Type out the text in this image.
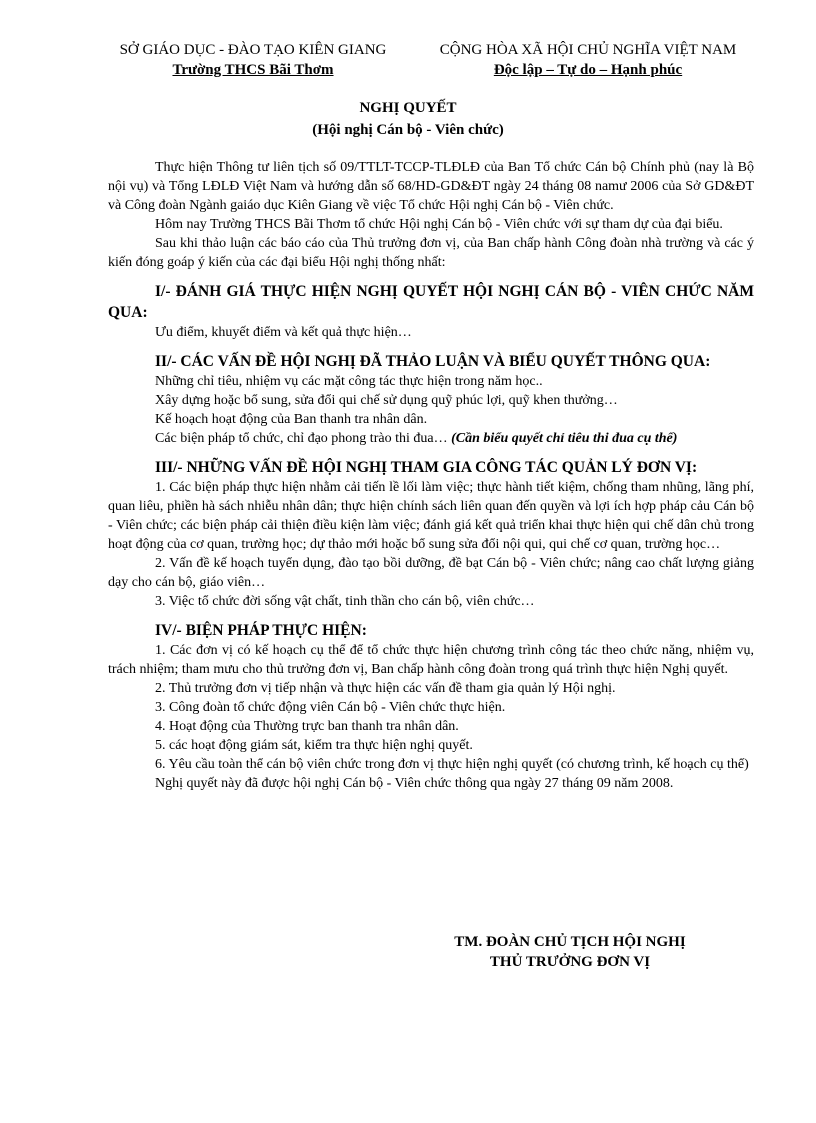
SỞ GIÁO DỤC - ĐÀO TẠO KIÊN GIANG
Trường THCS Bãi Thơm
CỘNG HÒA XÃ HỘI CHỦ NGHĨA VIỆT NAM
Độc lập – Tự do – Hạnh phúc
NGHỊ QUYẾT
(Hội nghị Cán bộ - Viên chức)

Thực hiện Thông tư liên tịch số 09/TTLT-TCCP-TLĐLĐ của Ban Tổ chức Cán bộ Chính phủ (nay là Bộ nội vụ) và Tổng LĐLĐ Việt Nam và hướng dẫn số 68/HD-GD&ĐT ngày 24 tháng 08 namư 2006 của Sở GD&ĐT và Công đoàn Ngành gaiáo dục Kiên Giang về việc Tổ chức Hội nghị Cán bộ - Viên chức.

Hôm nay Trường THCS Bãi Thơm tổ chức Hội nghị Cán bộ - Viên chức với sự tham dự của đại biểu.

Sau khi thảo luận các báo cáo của Thủ trưởng đơn vị, của Ban chấp hành Công đoàn nhà trường và các ý kiến đóng goáp ý kiến của các đại biểu Hội nghị thống nhất:

I/- ĐÁNH GIÁ THỰC HIỆN NGHỊ QUYẾT HỘI NGHỊ CÁN BỘ - VIÊN CHỨC NĂM QUA:

Ưu điểm, khuyết điểm và kết quả thực hiện…

II/- CÁC VẤN ĐỀ HỘI NGHỊ ĐÃ THẢO LUẬN VÀ BIỂU QUYẾT THÔNG QUA:

Những chỉ tiêu, nhiệm vụ các mặt công tác thực hiện trong năm học..

Xây dựng hoặc bổ sung, sửa đổi qui chế sử dụng quỹ phúc lợi, quỹ khen thưởng…

Kế hoạch hoạt động của Ban thanh tra nhân dân.

Các biện pháp tổ chức, chỉ đạo phong trào thi đua… (Cần biểu quyết chỉ tiêu thi đua cụ thể)

III/- NHỮNG VẤN ĐỀ HỘI NGHỊ THAM GIA CÔNG TÁC QUẢN LÝ ĐƠN VỊ:

1. Các biện pháp thực hiện nhằm cải tiến lề lối làm việc; thực hành tiết kiệm, chống tham nhũng, lãng phí, quan liêu, phiền hà sách nhiễu nhân dân; thực hiện chính sách liên quan đến quyền và lợi ích hợp pháp cảu Cán bộ - Viên chức; các biện pháp cải thiện điều kiện làm việc; đánh giá kết quả triển khai thực hiện qui chế dân chủ trong hoạt động của cơ quan, trường học; dự thảo mới hoặc bổ sung sửa đổi nội qui, qui chế cơ quan, trường học…

2. Vấn đề kế hoạch tuyển dụng, đào tạo bồi dưỡng, đề bạt Cán bộ - Viên chức; nâng cao chất lượng giảng dạy cho cán bộ, giáo viên…

3. Việc tổ chức đời sống vật chất, tinh thần cho cán bộ, viên chức…

IV/- BIỆN PHÁP THỰC HIỆN:

1. Các đơn vị có kế hoạch cụ thể để tổ chức thực hiện chương trình công tác theo chức năng, nhiệm vụ, trách nhiệm; tham mưu cho thủ trưởng đơn vị, Ban chấp hành công đoàn trong quá trình thực hiện Nghị quyết.

2. Thủ trưởng đơn vị tiếp nhận và thực hiện các vấn đề tham gia quản lý Hội nghị.

3. Công đoàn tổ chức động viên Cán bộ - Viên chức thực hiện.

4. Hoạt động của Thường trực ban thanh tra nhân dân.

5. các hoạt động giám sát, kiểm tra thực hiện nghị quyết.

6. Yêu cầu toàn thể cán bộ viên chức trong đơn vị thực hiện nghị quyết (có chương trình, kế hoạch cụ thể)

Nghị quyết này đã được hội nghị Cán bộ - Viên chức thông qua ngày 27 tháng 09 năm 2008.

TM. ĐOÀN CHỦ TỊCH HỘI NGHỊ
THỦ TRƯỞNG ĐƠN VỊ
